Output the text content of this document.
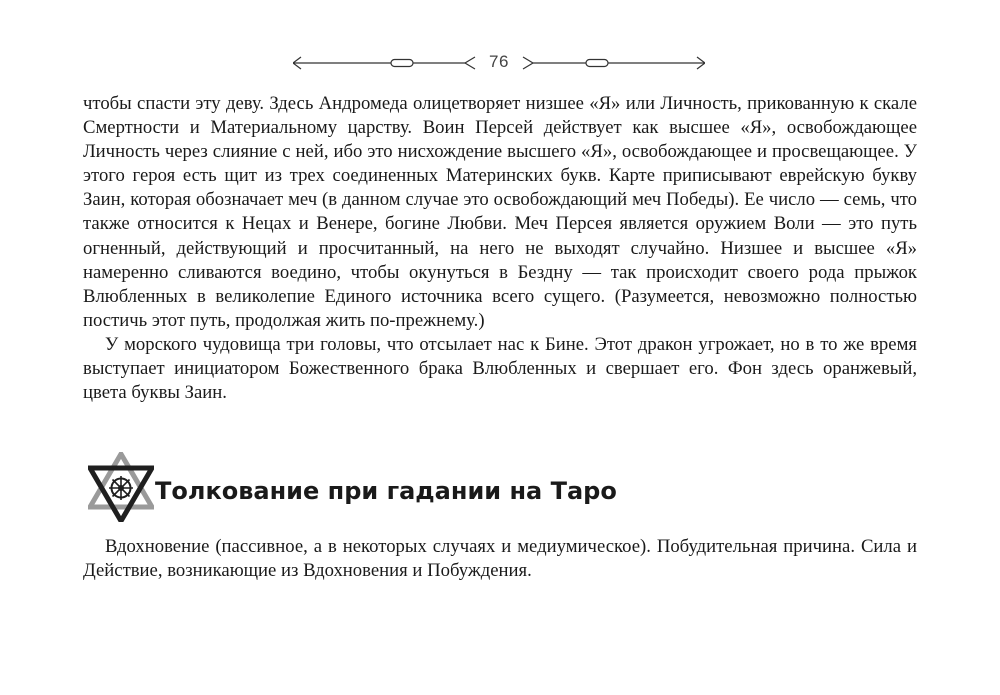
76

чтобы спасти эту деву. Здесь Андромеда олицетворяет низшее «Я» или Личность, прикованную к скале Смертности и Материальному царству. Воин Персей действует как высшее «Я», освобождающее Личность через слияние с ней, ибо это нисхождение высшего «Я», освобождающее и просвещающее. У этого героя есть щит из трех соединенных Материнских букв. Карте приписывают еврейскую букву Заин, которая обозначает меч (в данном случае это освобождающий меч Победы). Ее число — семь, что также относится к Нецах и Венере, богине Любви. Меч Персея является оружием Воли — это путь огненный, действующий и просчитанный, на него не выходят случайно. Низшее и высшее «Я» намеренно сливаются воедино, чтобы окунуться в Бездну — так происходит своего рода прыжок Влюбленных в великолепие Единого источника всего сущего. (Разумеется, невозможно полностью постичь этот путь, продолжая жить по-прежнему.)

У морского чудовища три головы, что отсылает нас к Бине. Этот дракон угрожает, но в то же время выступает инициатором Божественного брака Влюбленных и свершает его. Фон здесь оранжевый, цвета буквы Заин.

Толкование при гадании на Таро

Вдохновение (пассивное, а в некоторых случаях и медиумическое). Побудительная причина. Сила и Действие, возникающие из Вдохновения и Побуждения.
